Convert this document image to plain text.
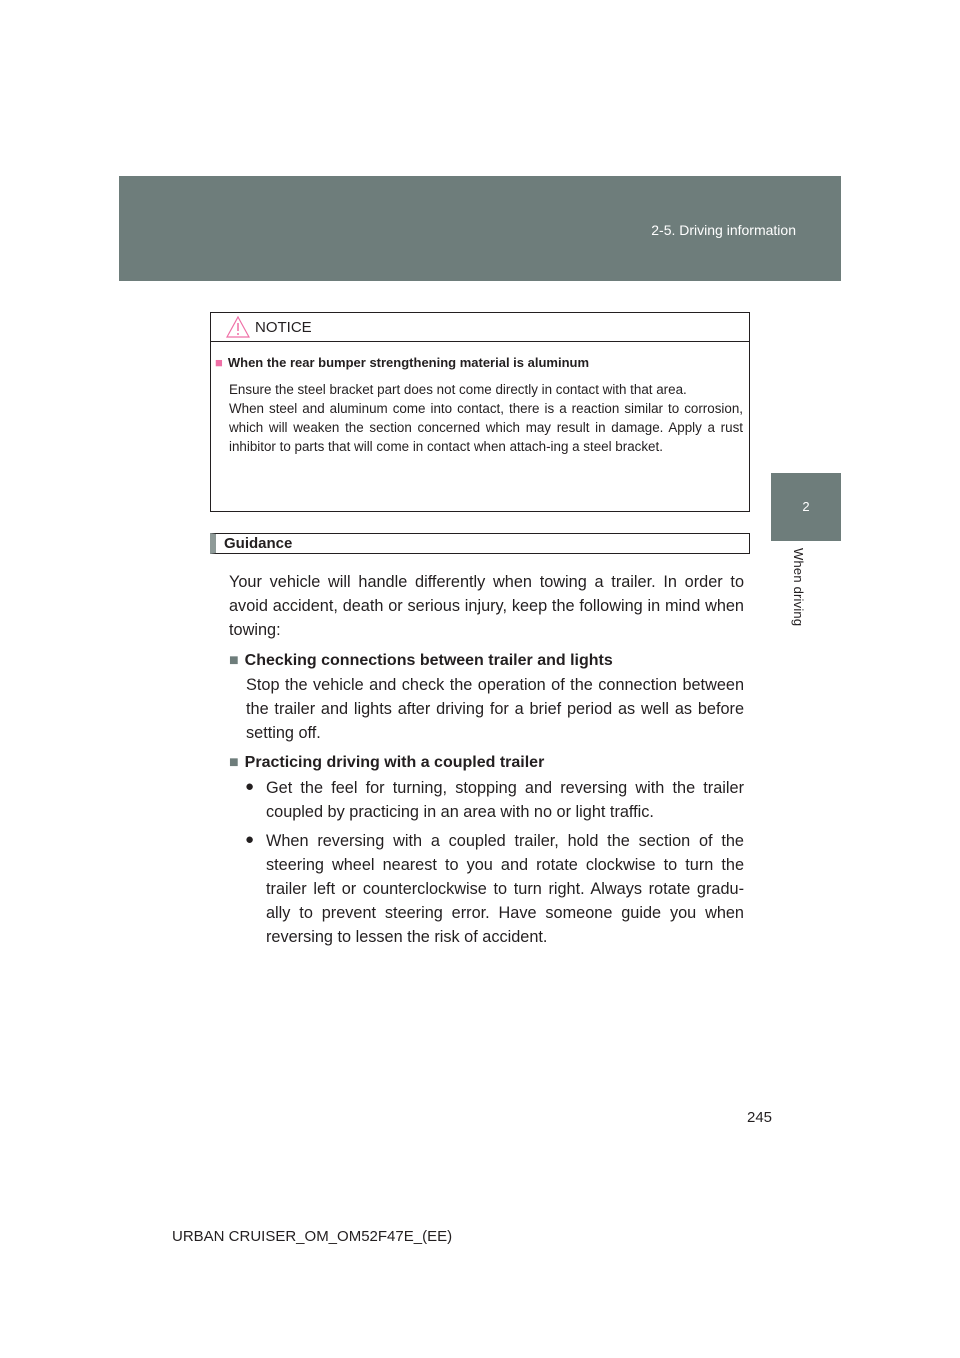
2-5. Driving information
2
When driving
NOTICE
■ When the rear bumper strengthening material is aluminum

Ensure the steel bracket part does not come directly in contact with that area.

When steel and aluminum come into contact, there is a reaction similar to corrosion, which will weaken the section concerned which may result in damage. Apply a rust inhibitor to parts that will come in contact when attach-ing a steel bracket.

Guidance
Your vehicle will handle differently when towing a trailer. In order to avoid accident, death or serious injury, keep the following in mind when towing:
■ Checking connections between trailer and lights
Stop the vehicle and check the operation of the connection between the trailer and lights after driving for a brief period as well as before setting off.
■ Practicing driving with a coupled trailer
● Get the feel for turning, stopping and reversing with the trailer coupled by practicing in an area with no or light traffic.
● When reversing with a coupled trailer, hold the section of the steering wheel nearest to you and rotate clockwise to turn the trailer left or counterclockwise to turn right. Always rotate gradu-ally to prevent steering error. Have someone guide you when reversing to lessen the risk of accident.
245
URBAN CRUISER_OM_OM52F47E_(EE)
